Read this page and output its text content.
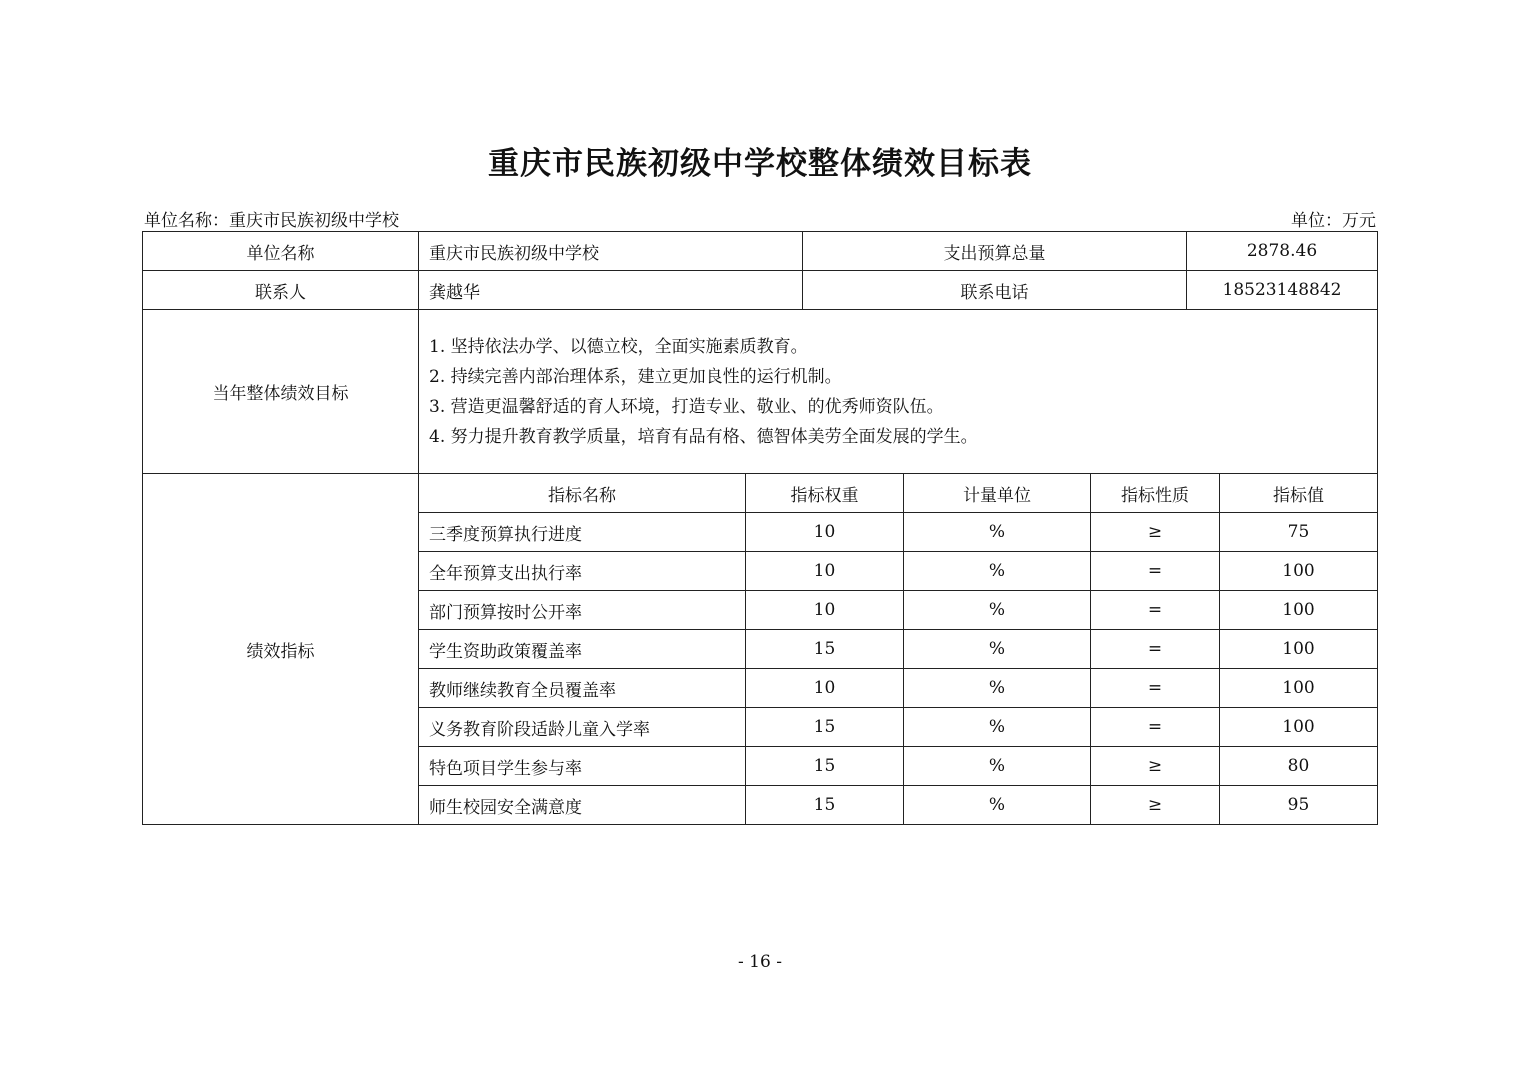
重庆市民族初级中学校整体绩效目标表
单位名称：重庆市民族初级中学校	单位：万元
单位名称	重庆市民族初级中学校		支出预算总量			2878.46	
联系人	龚越华		联系电话			18523148842	
当年整体绩效目标	1. 坚持依法办学、以德立校，全面实施素质教育。
2. 持续完善内部治理体系，建立更加良性的运行机制。
3. 营造更温馨舒适的育人环境，打造专业、敬业、的优秀师资队伍。
4. 努力提升教育教学质量，培育有品有格、德智体美劳全面发展的学生。						

绩效指标	指标名称	指标权重		计量单位	指标性质		指标值
	三季度预算执行进度	10		%	≥		75
	全年预算支出执行率	10		%	=		100
	部门预算按时公开率	10		%	=		100
	学生资助政策覆盖率	15		%	=		100
	教师继续教育全员覆盖率	10		%	=		100
	义务教育阶段适龄儿童入学率	15		%	=		100
	特色项目学生参与率	15		%	≥		80
	师生校园安全满意度	15		%	≥		95
- 16 -
